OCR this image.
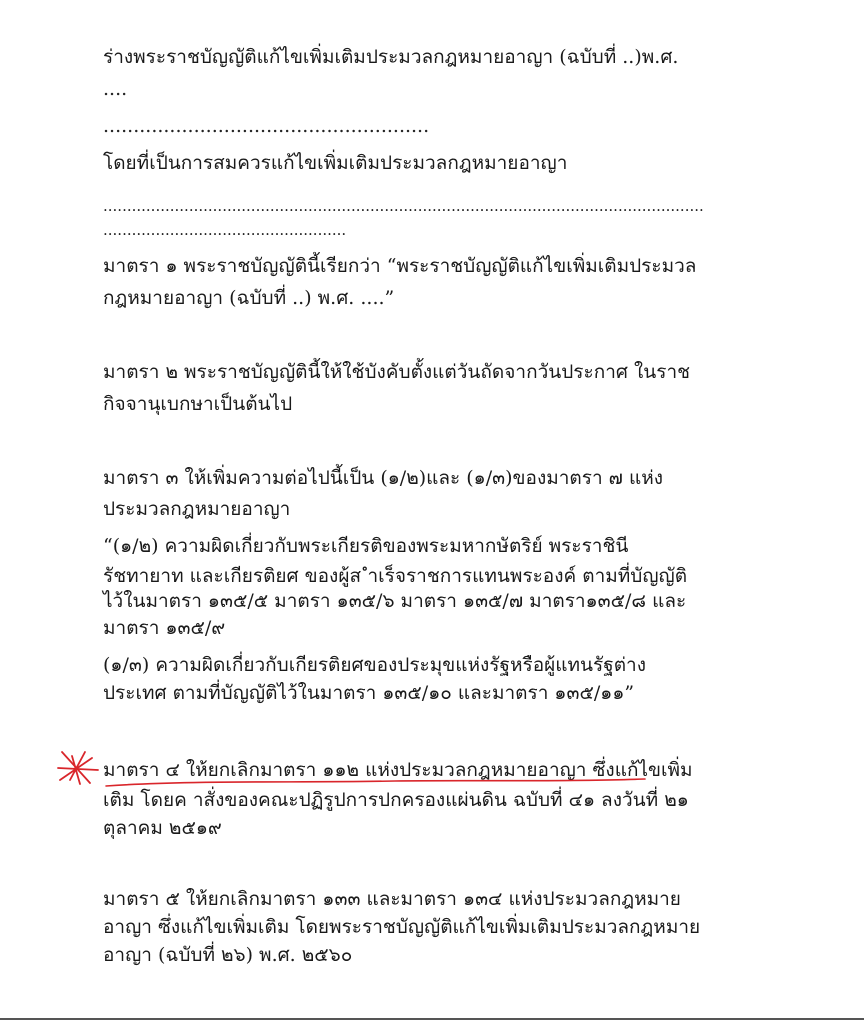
ร่างพระราชบัญญัติแก้ไขเพิ่มเติมประมวลกฎหมายอาญา (ฉบับที่ ..)พ.ศ.
....
......................................................
โดยที่เป็นการสมควรแก้ไขเพิ่มเติมประมวลกฎหมายอาญา
..............................................................................................................................
...................................................
มาตรา ๑ พระราชบัญญัตินี้เรียกว่า “พระราชบัญญัติแก้ไขเพิ่มเติมประมวล
กฎหมายอาญา (ฉบับที่ ..) พ.ศ. ....”
มาตรา ๒ พระราชบัญญัตินี้ให้ใช้บังคับตั้งแต่วันถัดจากวันประกาศ ในราช
กิจจานุเบกษาเป็นต้นไป
มาตรา ๓ ให้เพิ่มความต่อไปนี้เป็น (๑/๒)และ (๑/๓)ของมาตรา ๗ แห่ง
ประมวลกฎหมายอาญา
“(๑/๒) ความผิดเกี่ยวกับพระเกียรติของพระมหากษัตริย์ พระราชินี
รัชทายาท และเกียรติยศ ของผู้ส ําเร็จราชการแทนพระองค์ ตามที่บัญญัติ
ไว้ในมาตรา ๑๓๕/๕ มาตรา ๑๓๕/๖ มาตรา ๑๓๕/๗ มาตรา๑๓๕/๘ และ
มาตรา ๑๓๕/๙
(๑/๓) ความผิดเกี่ยวกับเกียรติยศของประมุขแห่งรัฐหรือผู้แทนรัฐต่าง
ประเทศ ตามที่บัญญัติไว้ในมาตรา ๑๓๕/๑๐ และมาตรา ๑๓๕/๑๑”
มาตรา ๔ ให้ยกเลิกมาตรา ๑๑๒ แห่งประมวลกฎหมายอาญา ซึ่งแก้ไขเพิ่ม
เติม โดยค าสั่งของคณะปฏิรูปการปกครองแผ่นดิน ฉบับที่ ๔๑ ลงวันที่ ๒๑
ตุลาคม ๒๕๑๙
มาตรา ๕ ให้ยกเลิกมาตรา ๑๓๓ และมาตรา ๑๓๔ แห่งประมวลกฎหมาย
อาญา ซึ่งแก้ไขเพิ่มเติม โดยพระราชบัญญัติแก้ไขเพิ่มเติมประมวลกฎหมาย
อาญา (ฉบับที่ ๒๖) พ.ศ. ๒๕๖๐
